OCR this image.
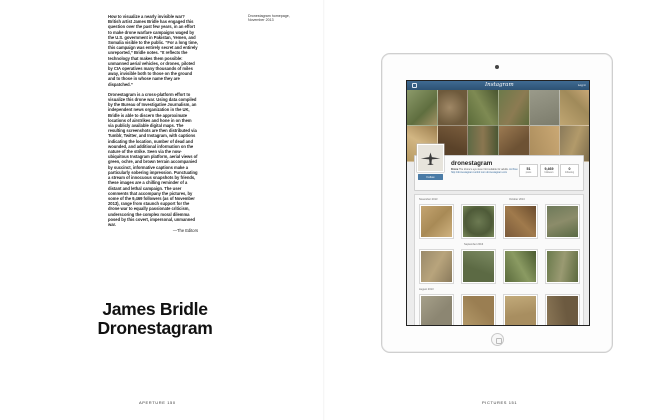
How to visualize a nearly invisible war? British artist James Bridle has engaged this question over the past few years, in an effort to make drone warfare campaigns waged by the U.S. government in Pakistan, Yemen, and Somalia visible to the public. “For a long time, this campaign was entirely secret and entirely unreported,” Bridle notes. “It reflects the technology that makes them possible: unmanned aerial vehicles, or drones, piloted by CIA operatives many thousands of miles away, invisible both to those on the ground and to those in whose name they are dispatched.”

Dronestagram is a cross-platform effort to visualize this drone war. Using data compiled by the Bureau of Investigative Journalism, an independent news organization in the UK, Bridle is able to discern the approximate locations of airstrikes and hone in on them via publicly available digital maps. The resulting screenshots are then distributed via Tumblr, Twitter, and Instagram, with captions indicating the location, number of dead and wounded, and additional information on the nature of the strike. Seen via the now-ubiquitous Instagram platform, aerial views of green, ochre, and brown terrain accompanied by succinct, informative captions make a particularly sobering impression. Punctuating a stream of innocuous snapshots by friends, these images are a chilling reminder of a distant and lethal campaign. The user comments that accompany the pictures, by some of the 9,469 followers (as of November 2013), range from staunch support for the drone war to equally passionate criticism, underscoring the complex moral dilemma posed by this covert, impersonal, unmanned war.

—The Editors
James Bridle
Dronestagram
APERTURE 150
Dronestagram homepage,
November 2013
PICTURES 151
Instagram	Log in
Follow
dronestagram
Drone The drone's eye view. Not suitable for adults. Archive: http://dronestagram.tumblr.com dronestagram.com
51
posts
9,469
followers
0
following
November 2013	October 2013
September 2013
August 2013
